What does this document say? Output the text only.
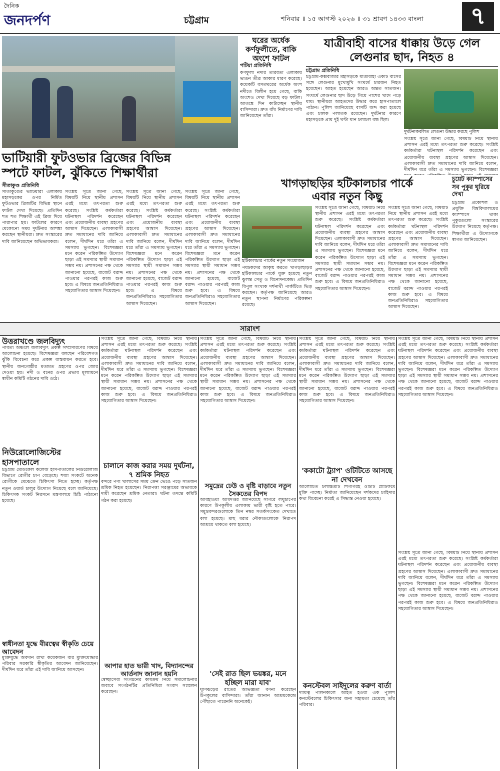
দৈনিক
জনদর্পণ	চট্টগ্রাম	শনিবার ॥ ১৫ আগস্ট ২০২৬ ॥ ৩১ শ্রাবণ ১৪৩৩ বাংলা	৭
ঘরের অর্ধেক কর্ণফুলীতে, বাকি অংশে ফাটল
পটিয়া প্রতিনিধি
কর্ণফুলী নদীর তীরবর্তী এলাকায় ভাঙন তীব্র আকার ধারণ করেছে। কয়েকটি বসতঘরের অর্ধেক অংশ নদীতে বিলীন হয়ে গেছে, বাকি অংশেও দেখা দিয়েছে বড় ফাটল। আতঙ্কে দিন কাটাচ্ছেন স্থানীয় বাসিন্দারা। দ্রুত বাঁধ নির্মাণের দাবি জানিয়েছেন তাঁরা।
যাত্রীবাহী বাসের ধাক্কায় উড়ে গেল
লেগুনার ছাদ, নিহত ৪
চট্টগ্রাম প্রতিনিধি
চট্টগ্রাম-কক্সবাজার মহাসড়কে যাত্রীবাহী একটি বাসের সঙ্গে লেগুনার মুখোমুখি সংঘর্ষে চারজন নিহত হয়েছেন। আহত হয়েছেন আরও অন্তত সাতজন। সংঘর্ষে লেগুনার ছাদ উড়ে গিয়ে পাশের খাদে পড়ে যায়। স্থানীয়রা আহতদের উদ্ধার করে হাসপাতালে পাঠান। পুলিশ জানিয়েছে বাসটি জব্দ করা হয়েছে এবং চালক পলাতক রয়েছেন। দুর্ঘটনার কারণে মহাসড়কে প্রায় দুই ঘণ্টা যান চলাচল বন্ধ ছিল।
দুর্ঘটনাকবলিত লেগুনা উদ্ধার করছে পুলিশ
সংশ্লিষ্ট সূত্রে জানা গেছে, বিষয়টি নিয়ে স্থানীয় প্রশাসন এরই মধ্যে তৎপরতা শুরু করেছে। সংশ্লিষ্ট কর্মকর্তারা ঘটনাস্থল পরিদর্শন করেছেন এবং প্রয়োজনীয় ব্যবস্থা গ্রহণের আশ্বাস দিয়েছেন। এলাকাবাসী দ্রুত সমাধানের দাবি জানিয়ে বলেন, দীর্ঘদিন ধরে তাঁরা এ সমস্যায় ভুগছেন। বিশেষজ্ঞরা
ভাটিয়ারী ফুটওভার ব্রিজের বিভিন্ন
স্পটে ফাটল, ঝুঁকিতে শিক্ষার্থীরা
সীতাকুণ্ড প্রতিনিধি
সীতাকুণ্ডের ভাটিয়ারী এলাকায় মহাসড়কের ওপর নির্মিত ফুটওভার ব্রিজটির বিভিন্ন স্থানে ফাটল দেখা দিয়েছে। প্রতিদিন শত শত শিক্ষার্থী এই ব্রিজ দিয়ে পারাপার হয়। ফাটলের কারণে যেকোনো সময় দুর্ঘটনার আশঙ্কা করছেন স্থানীয়রা। দ্রুত সংস্কারের দাবি জানিয়েছেন অভিভাবকরা।
সংশ্লিষ্ট সূত্রে জানা গেছে, বিষয়টি নিয়ে স্থানীয় প্রশাসন এরই মধ্যে তৎপরতা শুরু করেছে। সংশ্লিষ্ট কর্মকর্তারা ঘটনাস্থল পরিদর্শন করেছেন এবং প্রয়োজনীয় ব্যবস্থা গ্রহণের আশ্বাস দিয়েছেন। এলাকাবাসী দ্রুত সমাধানের দাবি জানিয়ে বলেন, দীর্ঘদিন ধরে তাঁরা এ সমস্যায় ভুগছেন। বিশেষজ্ঞরা মনে করেন পরিকল্পিত উদ্যোগ ছাড়া এই সমস্যার স্থায়ী সমাধান সম্ভব নয়। প্রশাসনের পক্ষ থেকে জানানো হয়েছে, বাজেট বরাদ্দ পাওয়ার পরপরই কাজ শুরু হবে। এ বিষয়ে জনপ্রতিনিধিরাও সহযোগিতার আশ্বাস দিয়েছেন।
সংশ্লিষ্ট সূত্রে জানা গেছে, বিষয়টি নিয়ে স্থানীয় প্রশাসন এরই মধ্যে তৎপরতা শুরু করেছে। সংশ্লিষ্ট কর্মকর্তারা ঘটনাস্থল পরিদর্শন করেছেন এবং প্রয়োজনীয় ব্যবস্থা গ্রহণের আশ্বাস দিয়েছেন। এলাকাবাসী দ্রুত সমাধানের দাবি জানিয়ে বলেন, দীর্ঘদিন ধরে তাঁরা এ সমস্যায় ভুগছেন। বিশেষজ্ঞরা মনে করেন পরিকল্পিত উদ্যোগ ছাড়া এই সমস্যার স্থায়ী সমাধান সম্ভব নয়। প্রশাসনের পক্ষ থেকে জানানো হয়েছে, বাজেট বরাদ্দ পাওয়ার পরপরই কাজ শুরু হবে। এ বিষয়ে জনপ্রতিনিধিরাও সহযোগিতার আশ্বাস দিয়েছেন।
সংশ্লিষ্ট সূত্রে জানা গেছে, বিষয়টি নিয়ে স্থানীয় প্রশাসন এরই মধ্যে তৎপরতা শুরু করেছে। সংশ্লিষ্ট কর্মকর্তারা ঘটনাস্থল পরিদর্শন করেছেন এবং প্রয়োজনীয় ব্যবস্থা গ্রহণের আশ্বাস দিয়েছেন। এলাকাবাসী দ্রুত সমাধানের দাবি জানিয়ে বলেন, দীর্ঘদিন ধরে তাঁরা এ সমস্যায় ভুগছেন। বিশেষজ্ঞরা মনে করেন পরিকল্পিত উদ্যোগ ছাড়া এই সমস্যার স্থায়ী সমাধান সম্ভব নয়। প্রশাসনের পক্ষ থেকে জানানো হয়েছে, বাজেট বরাদ্দ পাওয়ার পরপরই কাজ শুরু হবে। এ বিষয়ে জনপ্রতিনিধিরাও সহযোগিতার আশ্বাস দিয়েছেন।
খাগড়াছড়ির হটিকালচার পার্কে
এবার নতুন কিছু
হটিকালচার পার্কের নতুন সংযোজন
পর্যটকদের আকৃষ্ট করতে খাগড়াছড়ির হটিকালচার পার্কে যুক্ত হয়েছে নতুন ঝুলন্ত সেতু ও বিনোদনকেন্দ্র। প্রতিদিন বিপুল সংখ্যক দর্শনার্থী পার্কটিতে ভিড় করছেন। কর্তৃপক্ষ জানিয়েছে আরও নতুন স্থাপনা নির্মাণের পরিকল্পনা রয়েছে।
সংশ্লিষ্ট সূত্রে জানা গেছে, বিষয়টি নিয়ে স্থানীয় প্রশাসন এরই মধ্যে তৎপরতা শুরু করেছে। সংশ্লিষ্ট কর্মকর্তারা ঘটনাস্থল পরিদর্শন করেছেন এবং প্রয়োজনীয় ব্যবস্থা গ্রহণের আশ্বাস দিয়েছেন। এলাকাবাসী দ্রুত সমাধানের দাবি জানিয়ে বলেন, দীর্ঘদিন ধরে তাঁরা এ সমস্যায় ভুগছেন। বিশেষজ্ঞরা মনে করেন পরিকল্পিত উদ্যোগ ছাড়া এই সমস্যার স্থায়ী সমাধান সম্ভব নয়। প্রশাসনের পক্ষ থেকে জানানো হয়েছে, বাজেট বরাদ্দ পাওয়ার পরপরই কাজ শুরু হবে। এ বিষয়ে জনপ্রতিনিধিরাও সহযোগিতার আশ্বাস দিয়েছেন।
সংশ্লিষ্ট সূত্রে জানা গেছে, বিষয়টি নিয়ে স্থানীয় প্রশাসন এরই মধ্যে তৎপরতা শুরু করেছে। সংশ্লিষ্ট কর্মকর্তারা ঘটনাস্থল পরিদর্শন করেছেন এবং প্রয়োজনীয় ব্যবস্থা গ্রহণের আশ্বাস দিয়েছেন। এলাকাবাসী দ্রুত সমাধানের দাবি জানিয়ে বলেন, দীর্ঘদিন ধরে তাঁরা এ সমস্যায় ভুগছেন। বিশেষজ্ঞরা মনে করেন পরিকল্পিত উদ্যোগ ছাড়া এই সমস্যার স্থায়ী সমাধান সম্ভব নয়। প্রশাসনের পক্ষ থেকে জানানো হয়েছে, বাজেট বরাদ্দ পাওয়ার পরপরই কাজ শুরু হবে। এ বিষয়ে জনপ্রতিনিধিরাও সহযোগিতার আশ্বাস দিয়েছেন।
চুয়েট ক্যাম্পাসের সব পুকুর ঘুরিয়ে দেখা
চট্টগ্রাম প্রকৌশল ও প্রযুক্তি বিশ্ববিদ্যালয়ের ক্যাম্পাসে থাকা পুকুরগুলো সংস্কারের উদ্যোগ নিয়েছে কর্তৃপক্ষ। শিক্ষার্থীরা এ উদ্যোগকে স্বাগত জানিয়েছেন।
সারাংশ
উত্তরাখণ্ডে জলবিদ্যুৎ
পার্বত্য অঞ্চলে জলবিদ্যুৎ প্রকল্প সম্প্রসারণের বিষয়ে আলোচনা হয়েছে। বিশেষজ্ঞরা বলছেন পরিবেশগত ঝুঁকি বিবেচনা করে প্রকল্প বাস্তবায়ন করতে হবে। স্থানীয় জনগোষ্ঠীর মতামত গ্রহণের ওপর জোর দেওয়া হয়। নদী ও বনের ওপর প্রভাব মূল্যায়নে স্বাধীন কমিটি গঠনের দাবি ওঠে।
নিউরোলোজিস্টের হাসপাতালে
চট্টগ্রাম মেডিকেল কলেজ হাসপাতালের নিউরোলজি বিভাগে রোগীর চাপ বেড়েছে। শয্যা সংকটে অনেক রোগীকে মেঝেতে চিকিৎসা নিতে হচ্ছে। কর্তৃপক্ষ নতুন ওয়ার্ড চালুর উদ্যোগ নিয়েছে বলে জানিয়েছে। চিকিৎসক সংকট নিরসনে মন্ত্রণালয়ে চিঠি পাঠানো হয়েছে।
স্বাধীনতা যুদ্ধে বীরত্বের স্বীকৃতি চেয়ে আবেদন
মুক্তিযুদ্ধে অবদান রাখা কয়েকজন বীর মুক্তিযোদ্ধার পরিবার সরকারি স্বীকৃতির আবেদন জানিয়েছেন। দীর্ঘদিন ধরে তাঁরা এই দাবি জানিয়ে আসছেন।
সংশ্লিষ্ট সূত্রে জানা গেছে, বিষয়টি নিয়ে স্থানীয় প্রশাসন এরই মধ্যে তৎপরতা শুরু করেছে। সংশ্লিষ্ট কর্মকর্তারা ঘটনাস্থল পরিদর্শন করেছেন এবং প্রয়োজনীয় ব্যবস্থা গ্রহণের আশ্বাস দিয়েছেন। এলাকাবাসী দ্রুত সমাধানের দাবি জানিয়ে বলেন, দীর্ঘদিন ধরে তাঁরা এ সমস্যায় ভুগছেন। বিশেষজ্ঞরা মনে করেন পরিকল্পিত উদ্যোগ ছাড়া এই সমস্যার স্থায়ী সমাধান সম্ভব নয়। প্রশাসনের পক্ষ থেকে জানানো হয়েছে, বাজেট বরাদ্দ পাওয়ার পরপরই কাজ শুরু হবে। এ বিষয়ে জনপ্রতিনিধিরাও সহযোগিতার আশ্বাস দিয়েছেন।
চালানে কাজ করার সময় দুর্ঘটনা, ৭ শ্রমিক নিহত
বন্দরে পণ্য খালাসের সময় ক্রেন ভেঙে পড়ে সাতজন শ্রমিক নিহত হয়েছেন। নিরাপত্তা সরঞ্জামের অভাবকে দায়ী করেছেন শ্রমিক নেতারা। ঘটনা তদন্তে কমিটি গঠন করা হয়েছে।
আপার হাত ভারী খাদ, বিদ্যানন্দের আর্তনাদ জানান হয়নি
স্বেচ্ছাসেবী সংগঠনের কার্যক্রম নিয়ে সমালোচনার জবাবে সংগঠনটির প্রতিনিধিরা সংবাদ সম্মেলন করেছেন।
সংশ্লিষ্ট সূত্রে জানা গেছে, বিষয়টি নিয়ে স্থানীয় প্রশাসন এরই মধ্যে তৎপরতা শুরু করেছে। সংশ্লিষ্ট কর্মকর্তারা ঘটনাস্থল পরিদর্শন করেছেন এবং প্রয়োজনীয় ব্যবস্থা গ্রহণের আশ্বাস দিয়েছেন। এলাকাবাসী দ্রুত সমাধানের দাবি জানিয়ে বলেন, দীর্ঘদিন ধরে তাঁরা এ সমস্যায় ভুগছেন। বিশেষজ্ঞরা মনে করেন পরিকল্পিত উদ্যোগ ছাড়া এই সমস্যার স্থায়ী সমাধান সম্ভব নয়। প্রশাসনের পক্ষ থেকে জানানো হয়েছে, বাজেট বরাদ্দ পাওয়ার পরপরই কাজ শুরু হবে। এ বিষয়ে জনপ্রতিনিধিরাও সহযোগিতার আশ্বাস দিয়েছেন।
সমুদ্রের ঢেউ ও বৃষ্টি বাড়াবে নতুন সৈকতের বিপদ
আবহাওয়া অধিদপ্তর জানিয়েছে সাগরে লঘুচাপের কারণে উপকূলীয় এলাকায় ভারী বৃষ্টি হতে পারে। সমুদ্রবন্দরগুলোকে তিন নম্বর সতর্কসংকেত দেখাতে বলা হয়েছে। মাছ ধরার নৌকাগুলোকে নিরাপদ আশ্রয়ে থাকতে বলা হয়েছে।
'সেই রাত ছিল ভয়ঙ্কর, মনে হচ্ছিল মারা যাব'
ঘূর্ণিঝড়ের রাতের অভিজ্ঞতা বর্ণনা করেছেন উপকূলের বাসিন্দারা। তাঁরা জানান আশ্রয়কেন্দ্রে পৌঁছাতে পারেননি অনেকেই।
সংশ্লিষ্ট সূত্রে জানা গেছে, বিষয়টি নিয়ে স্থানীয় প্রশাসন এরই মধ্যে তৎপরতা শুরু করেছে। সংশ্লিষ্ট কর্মকর্তারা ঘটনাস্থল পরিদর্শন করেছেন এবং প্রয়োজনীয় ব্যবস্থা গ্রহণের আশ্বাস দিয়েছেন। এলাকাবাসী দ্রুত সমাধানের দাবি জানিয়ে বলেন, দীর্ঘদিন ধরে তাঁরা এ সমস্যায় ভুগছেন। বিশেষজ্ঞরা মনে করেন পরিকল্পিত উদ্যোগ ছাড়া এই সমস্যার স্থায়ী সমাধান সম্ভব নয়। প্রশাসনের পক্ষ থেকে জানানো হয়েছে, বাজেট বরাদ্দ পাওয়ার পরপরই কাজ শুরু হবে। এ বিষয়ে জনপ্রতিনিধিরাও সহযোগিতার আশ্বাস দিয়েছেন।
'ককাটো ট্র্যাপ' ওটিটিতে আসছে না দেখবেন
আলোচিত চলচ্চিত্রটি শিগগিরই ওটিটি প্ল্যাটফর্মে মুক্তি পাচ্ছে। নির্মাতা জানিয়েছেন দর্শকদের চাহিদার কথা বিবেচনা করেই এ সিদ্ধান্ত নেওয়া হয়েছে।
কনস্টেবল সাইদুলের করুণ বার্তা
দায়িত্ব পালনকালে আহত হওয়া এক পুলিশ কনস্টেবলের চিকিৎসার জন্য সহায়তা চেয়েছে তাঁর পরিবার।
সংশ্লিষ্ট সূত্রে জানা গেছে, বিষয়টি নিয়ে স্থানীয় প্রশাসন এরই মধ্যে তৎপরতা শুরু করেছে। সংশ্লিষ্ট কর্মকর্তারা ঘটনাস্থল পরিদর্শন করেছেন এবং প্রয়োজনীয় ব্যবস্থা গ্রহণের আশ্বাস দিয়েছেন। এলাকাবাসী দ্রুত সমাধানের দাবি জানিয়ে বলেন, দীর্ঘদিন ধরে তাঁরা এ সমস্যায় ভুগছেন। বিশেষজ্ঞরা মনে করেন পরিকল্পিত উদ্যোগ ছাড়া এই সমস্যার স্থায়ী সমাধান সম্ভব নয়। প্রশাসনের পক্ষ থেকে জানানো হয়েছে, বাজেট বরাদ্দ পাওয়ার পরপরই কাজ শুরু হবে। এ বিষয়ে জনপ্রতিনিধিরাও সহযোগিতার আশ্বাস দিয়েছেন।
সংশ্লিষ্ট সূত্রে জানা গেছে, বিষয়টি নিয়ে স্থানীয় প্রশাসন এরই মধ্যে তৎপরতা শুরু করেছে। সংশ্লিষ্ট কর্মকর্তারা ঘটনাস্থল পরিদর্শন করেছেন এবং প্রয়োজনীয় ব্যবস্থা গ্রহণের আশ্বাস দিয়েছেন। এলাকাবাসী দ্রুত সমাধানের দাবি জানিয়ে বলেন, দীর্ঘদিন ধরে তাঁরা এ সমস্যায় ভুগছেন। বিশেষজ্ঞরা মনে করেন পরিকল্পিত উদ্যোগ ছাড়া এই সমস্যার স্থায়ী সমাধান সম্ভব নয়। প্রশাসনের পক্ষ থেকে জানানো হয়েছে, বাজেট বরাদ্দ পাওয়ার পরপরই কাজ শুরু হবে। এ বিষয়ে জনপ্রতিনিধিরাও সহযোগিতার আশ্বাস দিয়েছেন।
